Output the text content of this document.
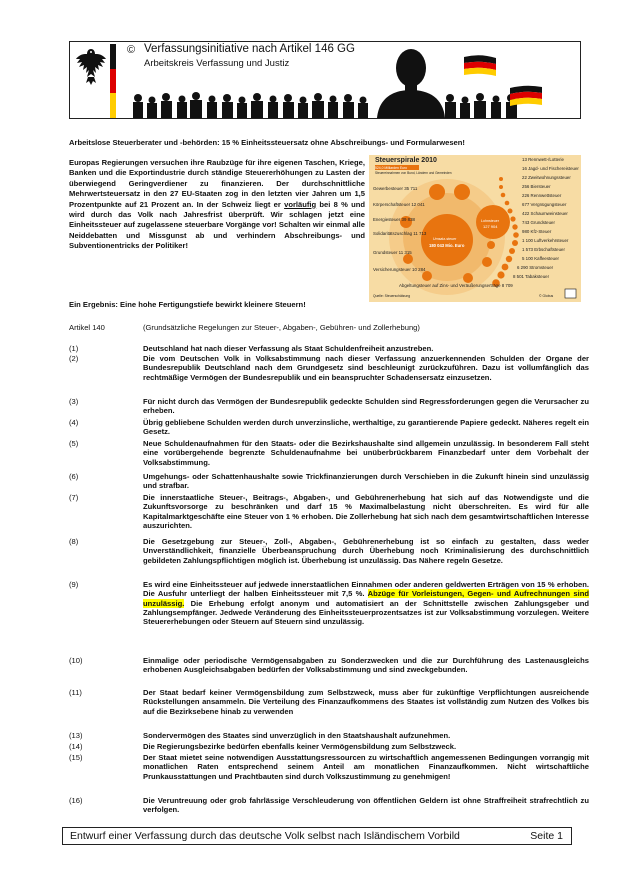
© Verfassungsinitiative nach Artikel 146 GG
Arbeitskreis Verfassung und Justiz
Arbeitslose Steuerberater und -behörden: 15 % Einheitssteuersatz ohne Abschreibungs- und Formularwesen!
Europas Regierungen versuchen ihre Raubzüge für ihre eigenen Taschen, Kriege, Banken und die Exportindustrie durch ständige Steuererhöhungen zu Lasten der überwiegend Geringverdiener zu finanzieren. Der durchschnittliche Mehrwertsteuersatz in den 27 EU-Staaten zog in den letzten vier Jahren um 1,5 Prozentpunkte auf 21 Prozent an. In der Schweiz liegt er vorläufig bei 8 % und wird durch das Volk nach Jahresfrist überprüft. Wir schlagen jetzt eine Einheitssteuer auf zugelassene steuerbare Vorgänge vor! Schalten wir einmal alle Neiddebatten und Missgunst ab und verhindern Abschreibungs- und Subventionentricks der Politiker!
Ein Ergebnis: Eine hohe Fertigungstiefe bewirkt kleinere Steuern!
Steuerspirale 2010
524,0 Milliarden Euro
Steuereinnahmen von Bund, Ländern und Gemeinden
Umsatz-steuer
180 043 Mio. Euro
Lohnsteuer
127 904
13 Rennwett-/Lotterie
16 Jagd- und Fischereisteuer
22 Zweitwohnungssteuer
256 Biersteuer
226 Rennwettsteuer
677 Vergnügungsteuer
422 Schaumweinsteuer
743 Grundsteuer
980 Kfz-Steuer
1 100 Luftverkehrsteuer
1 573 Erbschaftsteuer
5 100 Kaffeesteuer
6 290 Stromsteuer
8 501 Tabaksteuer
Gewerbesteuer 35 711
Körperschaftsteuer 12 041
Energiesteuer 39 838
Solidaritätszuschlag 11 713
Grundsteuer 11 315
Versicherungsteuer 10 284
Abgeltungsteuer auf Zins- und Veräußerungserträge 8 709
Quelle: Steuerschätzung	© Globus
Artikel 140	(Grundsätzliche Regelungen zur Steuer-, Abgaben-, Gebühren- und Zollerhebung)
(1)	Deutschland hat nach dieser Verfassung als Staat Schuldenfreiheit anzustreben.
(2)	Die vom Deutschen Volk in Volksabstimmung nach dieser Verfassung anzuerkennenden Schulden der Organe der Bundesrepublik Deutschland nach dem Grundgesetz sind beschleunigt zurückzuführen. Dazu ist vollumfänglich das rechtmäßige Vermögen der Bundesrepublik und ein beanspruchter Schadensersatz einzusetzen.
(3)	Für nicht durch das Vermögen der Bundesrepublik gedeckte Schulden sind Regressforderungen gegen die Verursacher zu erheben.
(4)	Übrig gebliebene Schulden werden durch unverzinsliche, werthaltige, zu garantierende Papiere gedeckt. Näheres regelt ein Gesetz.
(5)	Neue Schuldenaufnahmen für den Staats- oder die Bezirkshaushalte sind allgemein unzulässig. In besonderem Fall steht eine vorübergehende begrenzte Schuldenaufnahme bei unüberbrückbarem Finanzbedarf unter dem Vorbehalt der Volksabstimmung.
(6)	Umgehungs- oder Schattenhaushalte sowie Trickfinanzierungen durch Verschieben in die Zukunft hinein sind unzulässig und strafbar.
(7)	Die innerstaatliche Steuer-, Beitrags-, Abgaben-, und Gebührenerhebung hat sich auf das Notwendigste und die Zukunftsvorsorge zu beschränken und darf 15 % Maximalbelastung nicht überschreiten. Es wird für alle Kapitalmarktgeschäfte eine Steuer von 1 % erhoben. Die Zollerhebung hat sich nach dem gesamtwirtschaftlichen Interesse auszurichten.
(8)	Die Gesetzgebung zur Steuer-, Zoll-, Abgaben-, Gebührenerhebung ist so einfach zu gestalten, dass weder Unverständlichkeit, finanzielle Überbeanspruchung durch Überhebung noch Kriminalisierung des durchschnittlich gebildeten Zahlungspflichtigen möglich ist. Überhebung ist unzulässig. Das Nähere regeln Gesetze.
(9)	Es wird eine Einheitssteuer auf jedwede innerstaatlichen Einnahmen oder anderen geldwerten Erträgen von 15 % erhoben. Die Ausfuhr unterliegt der halben Einheitssteuer mit 7,5 %. Abzüge für Vorleistungen, Gegen- und Aufrechnungen sind unzulässig. Die Erhebung erfolgt anonym und automatisiert an der Schnittstelle zwischen Zahlungsgeber und Zahlungsempfänger. Jedwede Veränderung des Einheitssteuerprozentsatzes ist zur Volksabstimmung vorzulegen. Weitere Steuererhebungen oder Steuern auf Steuern sind unzulässig.
(10)	Einmalige oder periodische Vermögensabgaben zu Sonderzwecken und die zur Durchführung des Lastenausgleichs erhobenen Ausgleichsabgaben bedürfen der Volksabstimmung und sind zweckgebunden.
(11)	Der Staat bedarf keiner Vermögensbildung zum Selbstzweck, muss aber für zukünftige Verpflichtungen ausreichende Rückstellungen ansammeln. Die Verteilung des Finanzaufkommens des Staates ist vollständig zum Nutzen des Volkes bis auf die Bezirksebene hinab zu verwenden
(13)	Sondervermögen des Staates sind unverzüglich in den Staatshaushalt aufzunehmen.
(14)	Die Regierungsbezirke bedürfen ebenfalls keiner Vermögensbildung zum Selbstzweck.
(15)	Der Staat mietet seine notwendigen Ausstattungsressourcen zu wirtschaftlich angemessenen Bedingungen vorrangig mit monatlichen Raten entsprechend seinem Anteil am monatlichen Finanzaufkommen. Nicht wirtschaftliche Prunkausstattungen und Prachtbauten sind durch Volkszustimmung zu genehmigen!
(16)	Die Veruntreuung oder grob fahrlässige Verschleuderung von öffentlichen Geldern ist ohne Straffreiheit strafrechtlich zu verfolgen.
Entwurf einer Verfassung durch das deutsche Volk selbst nach Isländischem Vorbild	Seite 1
